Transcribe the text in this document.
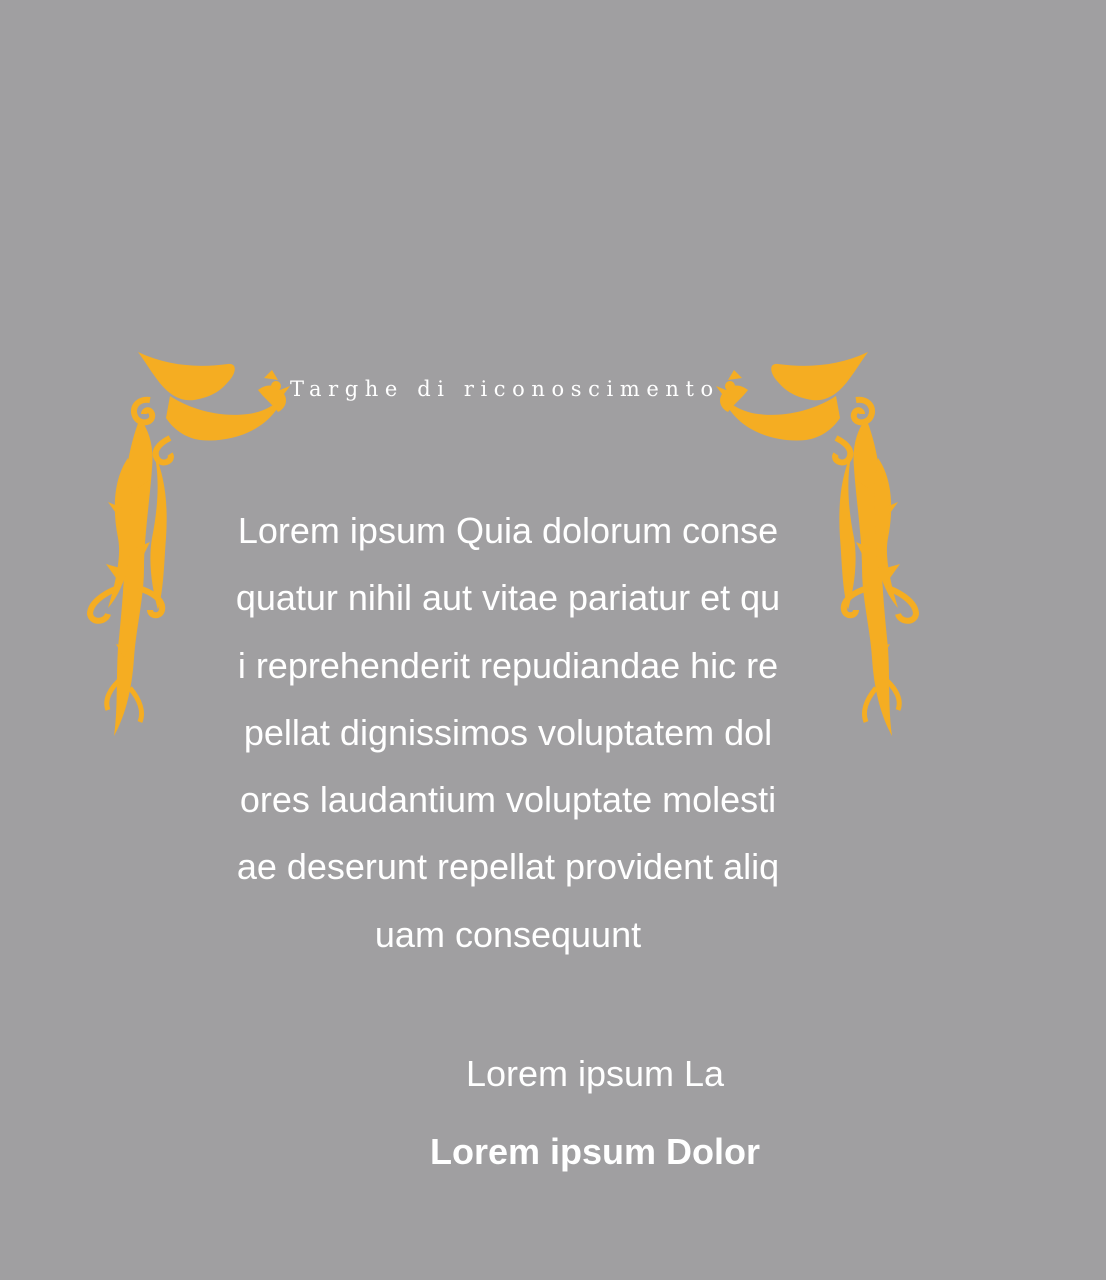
Targhe di riconoscimento

Lorem ipsum Quia dolorum conse
quatur nihil aut vitae pariatur et qu
i reprehenderit repudiandae hic re
pellat dignissimos voluptatem dol
ores laudantium voluptate molesti
ae deserunt repellat provident aliq
uam consequunt

Lorem ipsum La

Lorem ipsum Dolor
